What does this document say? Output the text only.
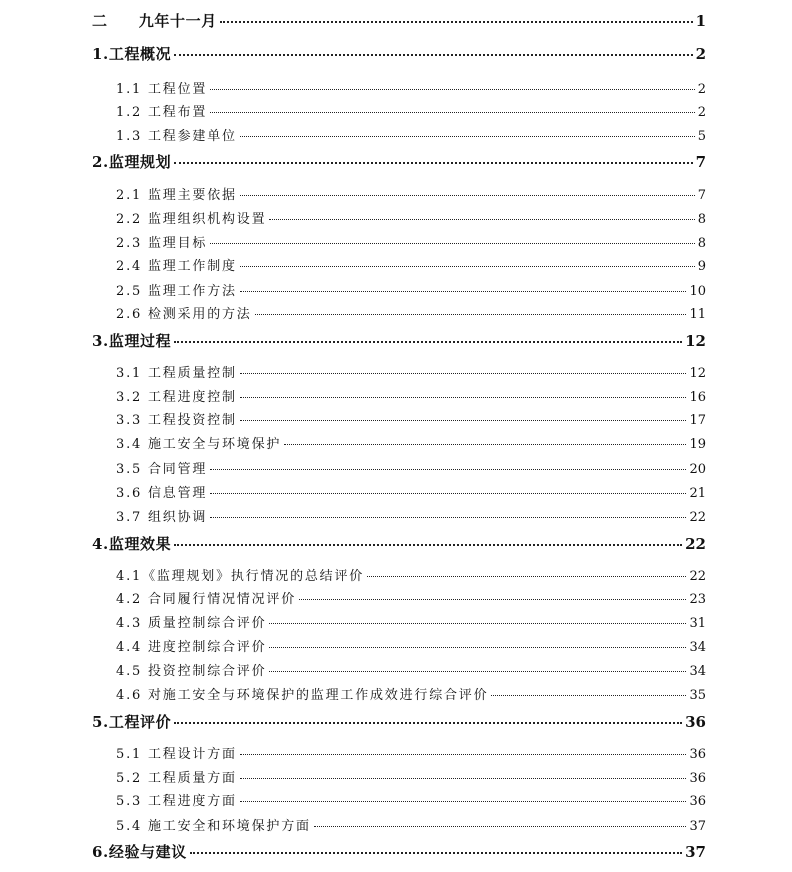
二　　九年十一月	1
1.工程概况	2
1.1 工程位置	2
1.2 工程布置	2
1.3 工程参建单位	5
2.监理规划	7
2.1 监理主要依据	7
2.2 监理组织机构设置	8
2.3 监理目标	8
2.4 监理工作制度	9
2.5 监理工作方法	10
2.6 检测采用的方法	11
3.监理过程	12
3.1 工程质量控制	12
3.2 工程进度控制	16
3.3 工程投资控制	17
3.4 施工安全与环境保护	19
3.5 合同管理	20
3.6 信息管理	21
3.7 组织协调	22
4.监理效果	22
4.1《监理规划》执行情况的总结评价	22
4.2 合同履行情况情况评价	23
4.3 质量控制综合评价	31
4.4 进度控制综合评价	34
4.5 投资控制综合评价	34
4.6 对施工安全与环境保护的监理工作成效进行综合评价	35
5.工程评价	36
5.1 工程设计方面	36
5.2 工程质量方面	36
5.3 工程进度方面	36
5.4 施工安全和环境保护方面	37
6.经验与建议	37
